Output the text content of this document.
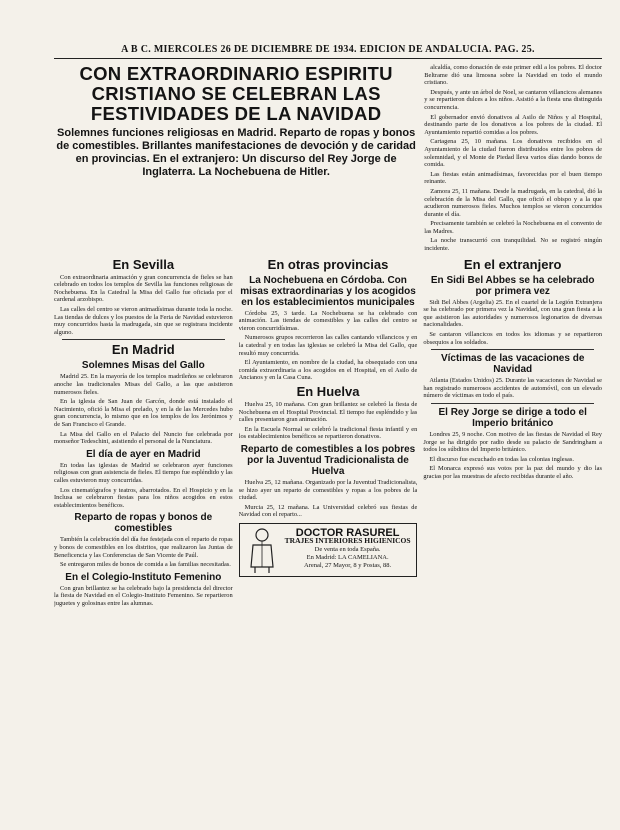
A B C. MIERCOLES 26 DE DICIEMBRE DE 1934. EDICION DE ANDALUCIA. PAG. 25.
CON EXTRAORDINARIO ESPIRITU CRISTIANO SE CELEBRAN LAS FESTIVIDADES DE LA NAVIDAD
Solemnes funciones religiosas en Madrid. Reparto de ropas y bonos de comestibles. Brillantes manifestaciones de devoción y de caridad en provincias. En el extranjero: Un discurso del Rey Jorge de Inglaterra. La Nochebuena de Hitler.

alcaldía, como donación de este primer edil a los pobres. El doctor Beltrame dió una limosna sobre la Navidad en todo el mundo cristiano.

Después, y ante un árbol de Noel, se cantaron villancicos alemanes y se repartieron dulces a los niños. Asistió a la fiesta una distinguida concurrencia.

El gobernador envió donativos al Asilo de Niños y al Hospital, destinando parte de los donativos a los pobres de la ciudad. El Ayuntamiento repartió comidas a los pobres.

Cartagena 25, 10 mañana. Los donativos recibidos en el Ayuntamiento de la ciudad fueron distribuidos entre los pobres de solemnidad, y el Monte de Piedad lleva varios días dando bonos de comida.

Las fiestas están animadísimas, favorecidas por el buen tiempo reinante.

Zamora 25, 11 mañana. Desde la madrugada, en la catedral, dió la celebración de la Misa del Gallo, que ofició el obispo y a la que acudieron numerosos fieles. Muchos templos se vieron concurridos durante el día.

Precisamente también se celebró la Nochebuena en el convento de las Madres.

La noche transcurrió con tranquilidad. No se registró ningún incidente.

En Sevilla

Con extraordinaria animación y gran concurrencia de fieles se han celebrado en todos los templos de Sevilla las funciones religiosas de Nochebuena. En la Catedral la Misa del Gallo fue oficiada por el cardenal arzobispo.

Las calles del centro se vieron animadísimas durante toda la noche. Las tiendas de dulces y los puestos de la Feria de Navidad estuvieron muy concurridos hasta la madrugada, sin que se registrara incidente alguno.

En Madrid
Solemnes Misas del Gallo

Madrid 25. En la mayoría de los templos madrileños se celebraron anoche las tradicionales Misas del Gallo, a las que asistieron numerosos fieles.

En la iglesia de San Juan de Garcón, donde está instalado el Nacimiento, ofició la Misa el prelado, y en la de las Mercedes hubo gran concurrencia, lo mismo que en los templos de los Jerónimos y de San Francisco el Grande.

La Misa del Gallo en el Palacio del Nuncio fue celebrada por monseñor Tedeschini, asistiendo el personal de la Nunciatura.

El día de ayer en Madrid

En todas las iglesias de Madrid se celebraron ayer funciones religiosas con gran asistencia de fieles. El tiempo fue espléndido y las calles estuvieron muy concurridas.

Los cinematógrafos y teatros, abarrotados. En el Hospicio y en la Inclusa se celebraron fiestas para los niños acogidos en estos establecimientos benéficos.

Reparto de ropas y bonos de comestibles

También la celebración del día fue festejada con el reparto de ropas y bonos de comestibles en los distritos, que realizaron las Juntas de Beneficencia y las Conferencias de San Vicente de Paúl.

Se entregaron miles de bonos de comida a las familias necesitadas.

En el Colegio-Instituto Femenino

Con gran brillantez se ha celebrado bajo la presidencia del director la fiesta de Navidad en el Colegio-Instituto Femenino. Se repartieron juguetes y golosinas entre las alumnas.

En otras provincias
La Nochebuena en Córdoba. Con misas extraordinarias y los acogidos en los establecimientos municipales

Córdoba 25, 3 tarde. La Nochebuena se ha celebrado con animación. Las tiendas de comestibles y las calles del centro se vieron concurridísimas.

Numerosos grupos recorrieron las calles cantando villancicos y en la catedral y en todas las iglesias se celebró la Misa del Gallo, que resultó muy concurrida.

El Ayuntamiento, en nombre de la ciudad, ha obsequiado con una comida extraordinaria a los acogidos en el Hospital, en el Asilo de Ancianos y en la Casa Cuna.

En Huelva

Huelva 25, 10 mañana. Con gran brillantez se celebró la fiesta de Nochebuena en el Hospital Provincial. El tiempo fue espléndido y las calles presentaron gran animación.

En la Escuela Normal se celebró la tradicional fiesta infantil y en los establecimientos benéficos se repartieron donativos.

Reparto de comestibles a los pobres por la Juventud Tradicionalista de Huelva

Huelva 25, 12 mañana. Organizado por la Juventud Tradicionalista, se hizo ayer un reparto de comestibles y ropas a los pobres de la ciudad.

Murcia 25, 12 mañana. La Universidad celebró sus fiestas de Navidad con el reparto...

DOCTOR RASUREL
TRAJES INTERIORES HIGIENICOS
De venta en toda España.
En Madrid: LA CAMELIANA.
Arenal, 27 Mayor, 8 y Postas, 88.
En el extranjero
En Sidi Bel Abbes se ha celebrado por primera vez

Sidi Bel Abbes (Argelia) 25. En el cuartel de la Legión Extranjera se ha celebrado por primera vez la Navidad, con una gran fiesta a la que asistieron las autoridades y numerosos legionarios de diversas nacionalidades.

Se cantaron villancicos en todos los idiomas y se repartieron obsequios a los soldados.

Víctimas de las vacaciones de Navidad

Atlanta (Estados Unidos) 25. Durante las vacaciones de Navidad se han registrado numerosos accidentes de automóvil, con un elevado número de víctimas en todo el país.

El Rey Jorge se dirige a todo el Imperio británico

Londres 25, 9 noche. Con motivo de las fiestas de Navidad el Rey Jorge se ha dirigido por radio desde su palacio de Sandringham a todos los súbditos del Imperio británico.

El discurso fue escuchado en todas las colonias inglesas.

El Monarca expresó sus votos por la paz del mundo y dio las gracias por las muestras de afecto recibidas durante el año.
